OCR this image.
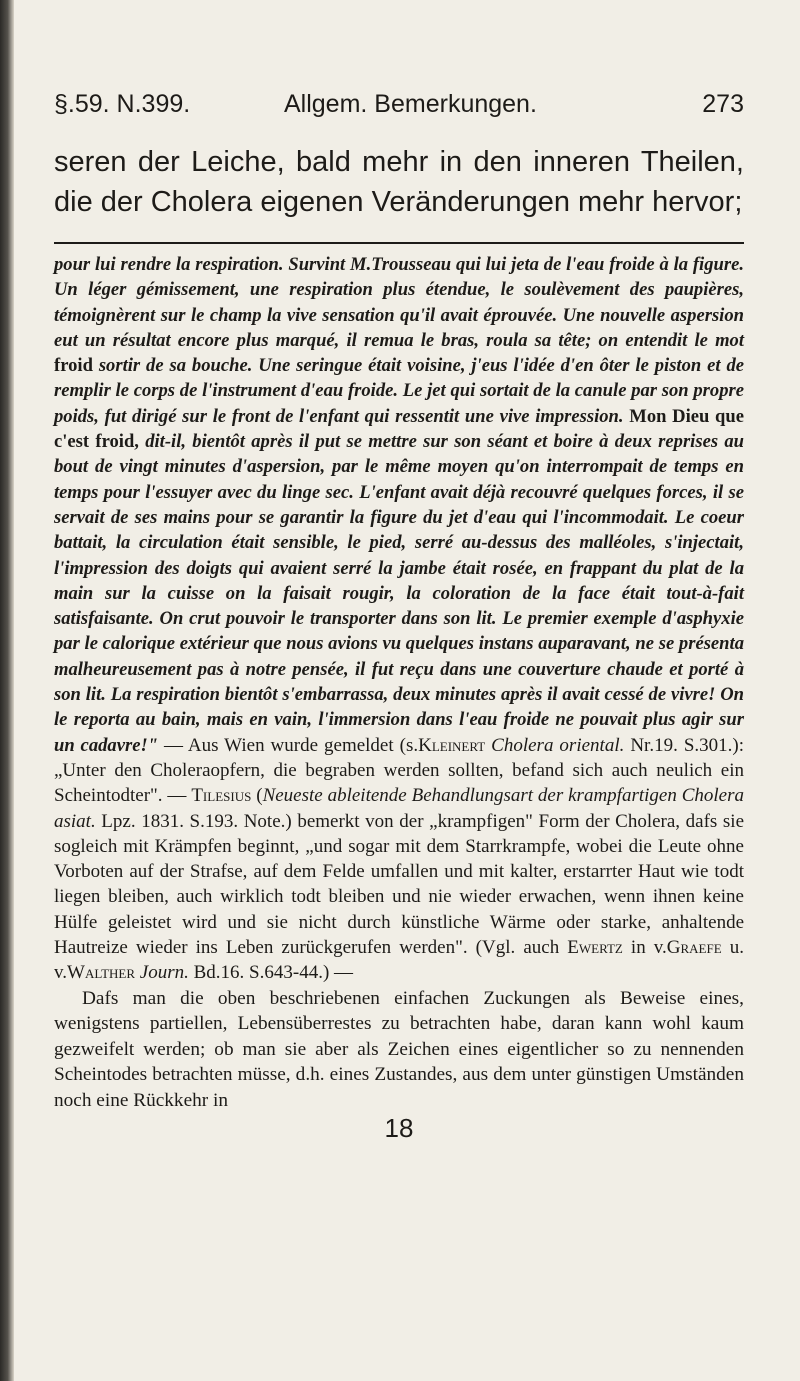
§.59. N.399.	Allgem. Bemerkungen.	273

seren der Leiche, bald mehr in den inneren Theilen, die der Cholera eigenen Veränderungen mehr hervor;

pour lui rendre la respiration. Survint M.Trousseau qui lui jeta de l'eau froide à la figure. Un léger gémissement, une respiration plus étendue, le soulèvement des paupières, témoignèrent sur le champ la vive sensation qu'il avait éprouvée. Une nouvelle aspersion eut un résultat encore plus marqué, il remua le bras, roula sa tête; on entendit le mot froid sortir de sa bouche. Une seringue était voisine, j'eus l'idée d'en ôter le piston et de remplir le corps de l'instrument d'eau froide. Le jet qui sortait de la canule par son propre poids, fut dirigé sur le front de l'enfant qui ressentit une vive impression. Mon Dieu que c'est froid, dit-il, bientôt après il put se mettre sur son séant et boire à deux reprises au bout de vingt minutes d'aspersion, par le même moyen qu'on interrompait de temps en temps pour l'essuyer avec du linge sec. L'enfant avait déjà recouvré quelques forces, il se servait de ses mains pour se garantir la figure du jet d'eau qui l'incommodait. Le coeur battait, la circulation était sensible, le pied, serré au-dessus des malléoles, s'injectait, l'impression des doigts qui avaient serré la jambe était rosée, en frappant du plat de la main sur la cuisse on la faisait rougir, la coloration de la face était tout-à-fait satisfaisante. On crut pouvoir le transporter dans son lit. Le premier exemple d'asphyxie par le calorique extérieur que nous avions vu quelques instans auparavant, ne se présenta malheureusement pas à notre pensée, il fut reçu dans une couverture chaude et porté à son lit. La respiration bientôt s'embarrassa, deux minutes après il avait cessé de vivre! On le reporta au bain, mais en vain, l'immersion dans l'eau froide ne pouvait plus agir sur un cadavre!" — Aus Wien wurde gemeldet (s.Kleinert Cholera oriental. Nr.19. S.301.): „Unter den Choleraopfern, die begraben werden sollten, befand sich auch neulich ein Scheintodter". — Tilesius (Neueste ableitende Behandlungsart der krampfartigen Cholera asiat. Lpz. 1831. S.193. Note.) bemerkt von der „krampfigen" Form der Cholera, dafs sie sogleich mit Krämpfen beginnt, „und sogar mit dem Starrkrampfe, wobei die Leute ohne Vorboten auf der Strafse, auf dem Felde umfallen und mit kalter, erstarrter Haut wie todt liegen bleiben, auch wirklich todt bleiben und nie wieder erwachen, wenn ihnen keine Hülfe geleistet wird und sie nicht durch künstliche Wärme oder starke, anhaltende Hautreize wieder ins Leben zurückgerufen werden". (Vgl. auch Ewertz in v.Graefe u. v.Walther Journ. Bd.16. S.643-44.) —

Dafs man die oben beschriebenen einfachen Zuckungen als Beweise eines, wenigstens partiellen, Lebensüberrestes zu betrachten habe, daran kann wohl kaum gezweifelt werden; ob man sie aber als Zeichen eines eigentlicher so zu nennenden Scheintodes betrachten müsse, d.h. eines Zustandes, aus dem unter günstigen Umständen noch eine Rückkehr in

18
